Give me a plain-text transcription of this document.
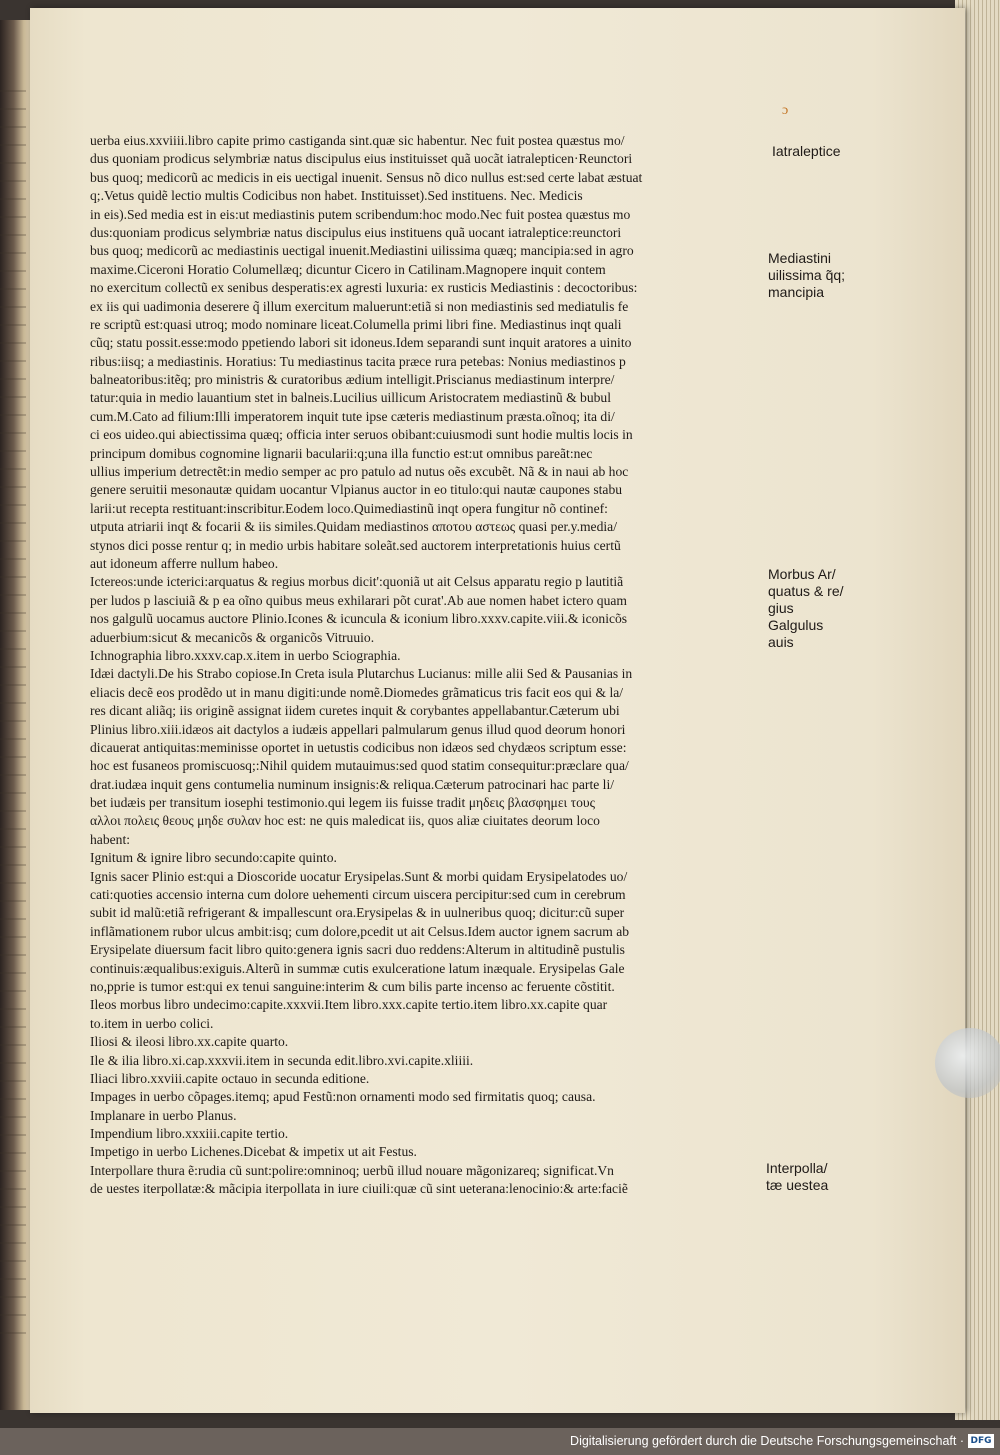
ɔ
uerba eius.xxviiii.libro capite primo castiganda sint.quæ sic habentur. Nec fuit postea quæstus mo/
dus quoniam prodicus selymbriæ natus discipulus eius instituisset quã uocãt iatralepticen·Reunctori
bus quoq; medicorũ ac medicis in eis uectigal inuenit. Sensus nõ dico nullus est:sed certe labat æstuat
q;.Vetus quidẽ lectio multis Codicibus non habet. Instituisset).Sed instituens. Nec. Medicis
in eis).Sed media est in eis:ut mediastinis putem scribendum:hoc modo.Nec fuit postea quæstus mo
dus:quoniam prodicus selymbriæ natus discipulus eius instituens quã uocant iatraleptice:reunctori
bus quoq; medicorũ ac mediastinis uectigal inuenit.Mediastini uilissima quæq; mancipia:sed in agro
maxime.Ciceroni Horatio Columellæq; dicuntur Cicero in Catilinam.Magnopere inquit contem
no exercitum collectũ ex senibus desperatis:ex agresti luxuria: ex rusticis Mediastinis : decoctoribus:
ex iis qui uadimonia deserere q̃ illum exercitum maluerunt:etiã si non mediastinis sed mediatulis fe
re scriptũ est:quasi utroq; modo nominare liceat.Columella primi libri fine. Mediastinus inqt quali
cũq; statu possit.esse:modo ppetiendo labori sit idoneus.Idem separandi sunt inquit aratores a uinito
ribus:iisq; a mediastinis. Horatius: Tu mediastinus tacita præce rura petebas: Nonius mediastinos p
balneatoribus:itẽq; pro ministris & curatoribus ædium intelligit.Priscianus mediastinum interpre/
tatur:quia in medio lauantium stet in balneis.Lucilius uillicum Aristocratem mediastinũ & bubul
cum.M.Cato ad filium:Illi imperatorem inquit tute ipse cæteris mediastinum præsta.oĩnoq; ita di/
ci eos uideo.qui abiectissima quæq; officia inter seruos obibant:cuiusmodi sunt hodie multis locis in
principum domibus cognomine lignarii bacularii:q;una illa functio est:ut omnibus pareãt:nec
ullius imperium detrectẽt:in medio semper ac pro patulo ad nutus oẽs excubẽt. Nã & in naui ab hoc
genere seruitii mesonautæ quidam uocantur Vlpianus auctor in eo titulo:qui nautæ caupones stabu
larii:ut recepta restituant:inscribitur.Eodem loco.Quimediastinũ inqt opera fungitur nõ continef:
utputa atriarii inqt & focarii & iis similes.Quidam mediastinos αποτου αστεως quasi per.y.media/
stynos dici posse rentur q; in medio urbis habitare soleãt.sed auctorem interpretationis huius certũ
aut idoneum afferre nullum habeo.
Ictereos:unde icterici:arquatus & regius morbus dicit':quoniã ut ait Celsus apparatu regio p lautitiã
per ludos p lasciuiã & p ea oĩno quibus meus exhilarari põt curat'.Ab aue nomen habet ictero quam
nos galgulũ uocamus auctore Plinio.Icones & icuncula & iconium libro.xxxv.capite.viii.& iconicõs
aduerbium:sicut & mecanicõs & organicõs Vitruuio.
Ichnographia libro.xxxv.cap.x.item in uerbo Sciographia.
Idæi dactyli.De his Strabo copiose.In Creta isula Plutarchus Lucianus: mille alii Sed & Pausanias in
eliacis decẽ eos prodẽdo ut in manu digiti:unde nomẽ.Diomedes grãmaticus tris facit eos qui & la/
res dicant aliãq; iis originẽ assignat iidem curetes inquit & corybantes appellabantur.Cæterum ubi
Plinius libro.xiii.idæos ait dactylos a iudæis appellari palmularum genus illud quod deorum honori
dicauerat antiquitas:meminisse oportet in uetustis codicibus non idæos sed chydæos scriptum esse:
hoc est fusaneos promiscuosq;:Nihil quidem mutauimus:sed quod statim consequitur:præclare qua/
drat.iudæa inquit gens contumelia numinum insignis:& reliqua.Cæterum patrocinari hac parte li/
bet iudæis per transitum iosephi testimonio.qui legem iis fuisse tradit μηδεις βλασφημει τους
αλλοι πολεις θεους μηδε συλαν hoc est: ne quis maledicat iis, quos aliæ ciuitates deorum loco
habent:
Ignitum & ignire libro secundo:capite quinto.
Ignis sacer Plinio est:qui a Dioscoride uocatur Erysipelas.Sunt & morbi quidam Erysipelatodes uo/
cati:quoties accensio interna cum dolore uehementi circum uiscera percipitur:sed cum in cerebrum
subit id malũ:etiã refrigerant & impallescunt ora.Erysipelas & in uulneribus quoq; dicitur:cũ super
inflãmationem rubor ulcus ambit:isq; cum dolore,pcedit ut ait Celsus.Idem auctor ignem sacrum ab
Erysipelate diuersum facit libro quito:genera ignis sacri duo reddens:Alterum in altitudinẽ pustulis
continuis:æqualibus:exiguis.Alterũ in summæ cutis exulceratione latum inæquale. Erysipelas Gale
no,pprie is tumor est:qui ex tenui sanguine:interim & cum bilis parte incenso ac feruente cõstitit.
Ileos morbus libro undecimo:capite.xxxvii.Item libro.xxx.capite tertio.item libro.xx.capite quar
to.item in uerbo colici.
Iliosi & ileosi libro.xx.capite quarto.
Ile & ilia libro.xi.cap.xxxvii.item in secunda edit.libro.xvi.capite.xliiii.
Iliaci libro.xxviii.capite octauo in secunda editione.
Impages in uerbo cõpages.itemq; apud Festũ:non ornamenti modo sed firmitatis quoq; causa.
Implanare in uerbo Planus.
Impendium libro.xxxiii.capite tertio.
Impetigo in uerbo Lichenes.Dicebat & impetix ut ait Festus.
Interpollare thura ẽ:rudia cũ sunt:polire:omninoq; uerbũ illud nouare mãgonizareq; significat.Vn
de uestes iterpollatæ:& mãcipia iterpollata in iure ciuili:quæ cũ sint ueterana:lenocinio:& arte:faciẽ
Iatraleptice
Mediastini
uilissima q̃q;
mancipia
Morbus Ar/
quatus & re/
gius
Galgulus
auis
Interpolla/
tæ uestea
Digitalisierung gefördert durch die Deutsche Forschungsgemeinschaft · DFG
